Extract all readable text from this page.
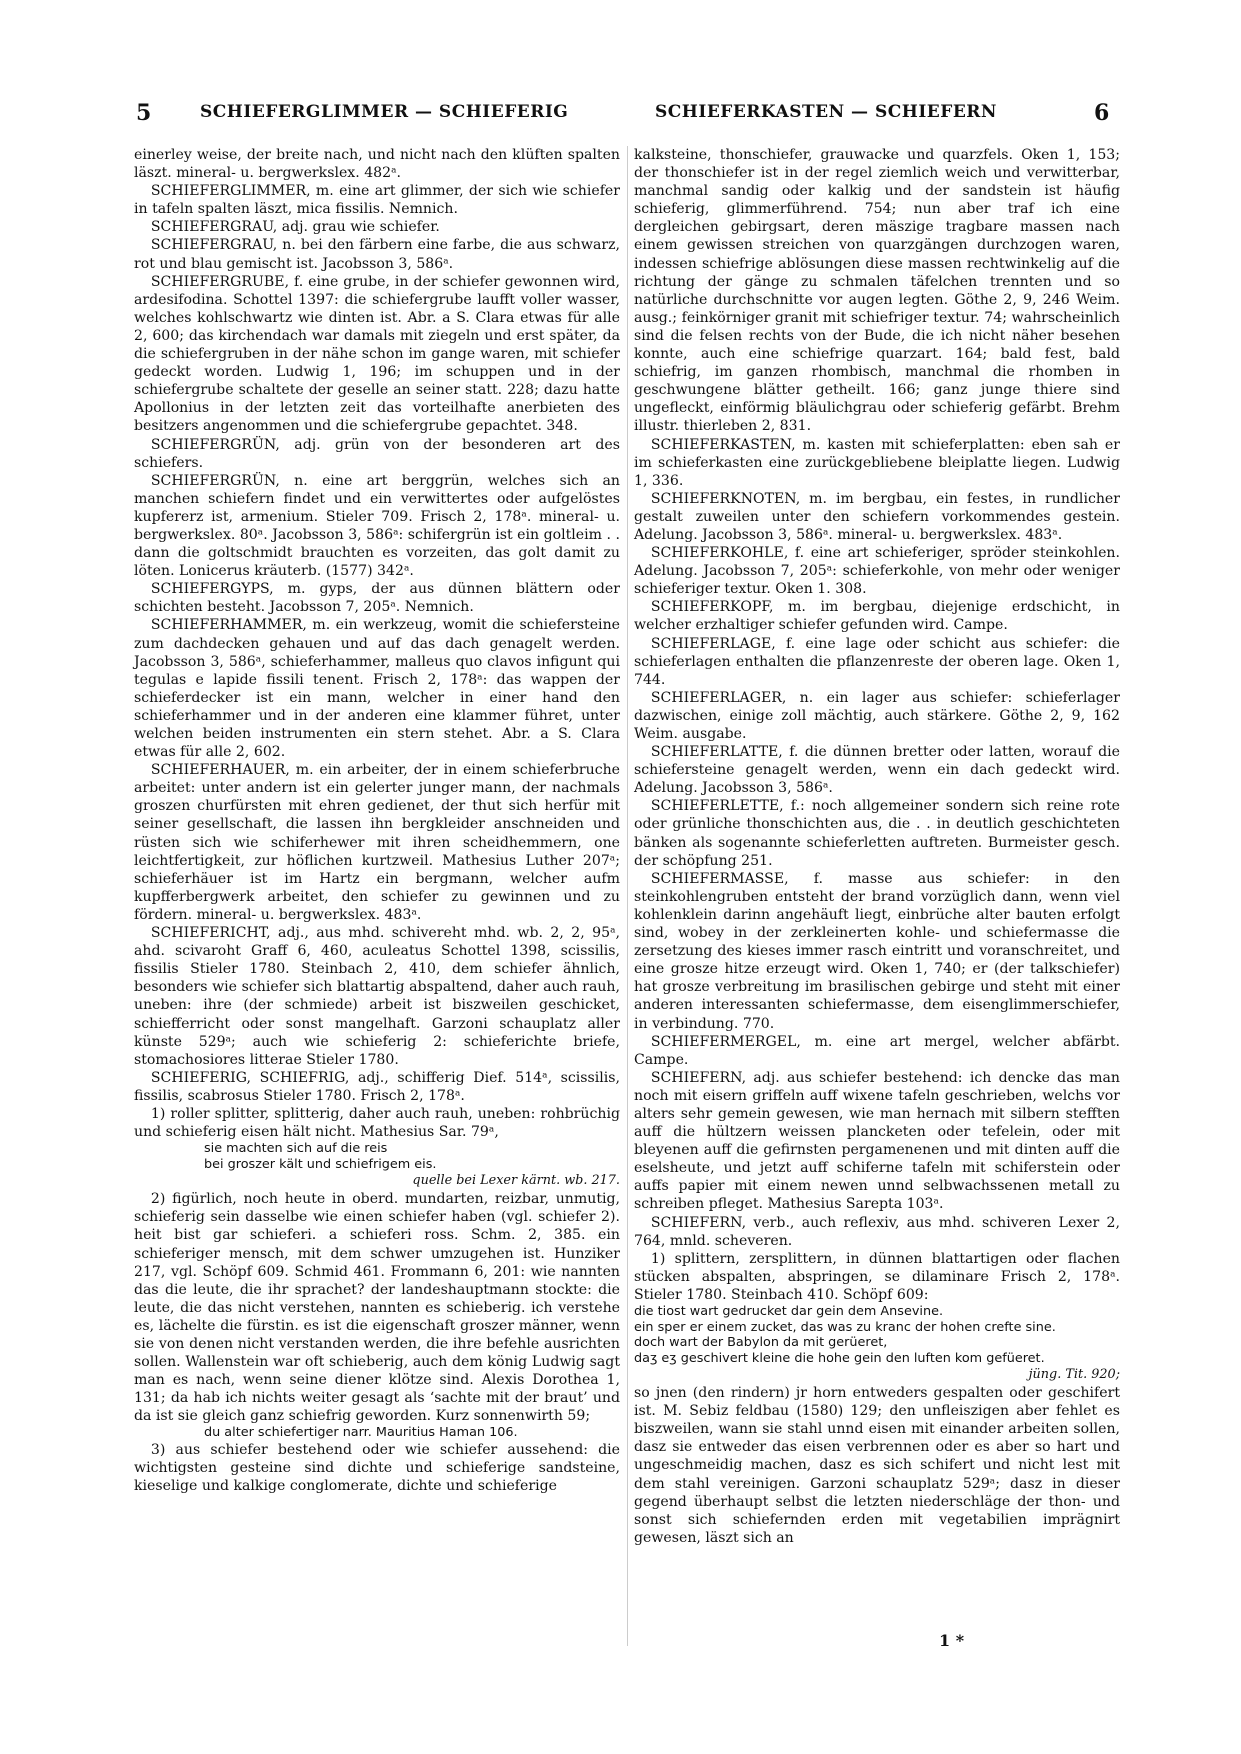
5	SCHIEFERGLIMMER — SCHIEFERIG	SCHIEFERKASTEN — SCHIEFERN	6

einerley weise, der breite nach, und nicht nach den klüften spalten läszt. mineral- u. bergwerkslex. 482ᵃ.

SCHIEFERGLIMMER, m. eine art glimmer, der sich wie schiefer in tafeln spalten läszt, mica fissilis. Nemnich.

SCHIEFERGRAU, adj. grau wie schiefer.

SCHIEFERGRAU, n. bei den färbern eine farbe, die aus schwarz, rot und blau gemischt ist. Jacobsson 3, 586ᵃ.

SCHIEFERGRUBE, f. eine grube, in der schiefer gewonnen wird, ardesifodina. Schottel 1397: die schiefergrube laufft voller wasser, welches kohlschwartz wie dinten ist. Abr. a S. Clara etwas für alle 2, 600; das kirchendach war damals mit ziegeln und erst später, da die schiefergruben in der nähe schon im gange waren, mit schiefer gedeckt worden. Ludwig 1, 196; im schuppen und in der schiefergrube schaltete der geselle an seiner statt. 228; dazu hatte Apollonius in der letzten zeit das vorteilhafte anerbieten des besitzers angenommen und die schiefergrube gepachtet. 348.

SCHIEFERGRÜN, adj. grün von der besonderen art des schiefers.

SCHIEFERGRÜN, n. eine art berggrün, welches sich an manchen schiefern findet und ein verwittertes oder aufgelöstes kupfererz ist, armenium. Stieler 709. Frisch 2, 178ᵃ. mineral- u. bergwerkslex. 80ᵃ. Jacobsson 3, 586ᵃ: schifergrün ist ein goltleim . . dann die goltschmidt brauchten es vorzeiten, das golt damit zu löten. Lonicerus kräuterb. (1577) 342ᵃ.

SCHIEFERGYPS, m. gyps, der aus dünnen blättern oder schichten besteht. Jacobsson 7, 205ᵃ. Nemnich.

SCHIEFERHAMMER, m. ein werkzeug, womit die schiefersteine zum dachdecken gehauen und auf das dach genagelt werden. Jacobsson 3, 586ᵃ, schieferhammer, malleus quo clavos infigunt qui tegulas e lapide fissili tenent. Frisch 2, 178ᵃ: das wappen der schieferdecker ist ein mann, welcher in einer hand den schieferhammer und in der anderen eine klammer führet, unter welchen beiden instrumenten ein stern stehet. Abr. a S. Clara etwas für alle 2, 602.

SCHIEFERHAUER, m. ein arbeiter, der in einem schieferbruche arbeitet: unter andern ist ein gelerter junger mann, der nachmals groszen churfürsten mit ehren gedienet, der thut sich herfür mit seiner gesellschaft, die lassen ihn bergkleider anschneiden und rüsten sich wie schiferhewer mit ihren scheidhemmern, one leichtfertigkeit, zur höflichen kurtzweil. Mathesius Luther 207ᵃ; schieferhäuer ist im Hartz ein bergmann, welcher aufm kupfferbergwerk arbeitet, den schiefer zu gewinnen und zu fördern. mineral- u. bergwerkslex. 483ᵃ.

SCHIEFERICHT, adj., aus mhd. schivereht mhd. wb. 2, 2, 95ᵃ, ahd. scivaroht Graff 6, 460, aculeatus Schottel 1398, scissilis, fissilis Stieler 1780. Steinbach 2, 410, dem schiefer ähnlich, besonders wie schiefer sich blattartig abspaltend, daher auch rauh, uneben: ihre (der schmiede) arbeit ist biszweilen geschicket, schiefferricht oder sonst mangelhaft. Garzoni schauplatz aller künste 529ᵃ; auch wie schieferig 2: schieferichte briefe, stomachosiores litterae Stieler 1780.

SCHIEFERIG, SCHIEFRIG, adj., schifferig Dief. 514ᵃ, scissilis, fissilis, scabrosus Stieler 1780. Frisch 2, 178ᵃ.

1) roller splitter, splitterig, daher auch rauh, uneben: rohbrüchig und schieferig eisen hält nicht. Mathesius Sar. 79ᵃ,

sie machten sich auf die reis
bei groszer kält und schiefrigem eis.

quelle bei Lexer kärnt. wb. 217.

2) figürlich, noch heute in oberd. mundarten, reizbar, unmutig, schieferig sein dasselbe wie einen schiefer haben (vgl. schiefer 2). heit bist gar schieferi. a schieferi ross. Schm. 2, 385. ein schieferiger mensch, mit dem schwer umzugehen ist. Hunziker 217, vgl. Schöpf 609. Schmid 461. Frommann 6, 201: wie nannten das die leute, die ihr sprachet? der landeshauptmann stockte: die leute, die das nicht verstehen, nannten es schieberig. ich verstehe es, lächelte die fürstin. es ist die eigenschaft groszer männer, wenn sie von denen nicht verstanden werden, die ihre befehle ausrichten sollen. Wallenstein war oft schieberig, auch dem könig Ludwig sagt man es nach, wenn seine diener klötze sind. Alexis Dorothea 1, 131; da hab ich nichts weiter gesagt als ‘sachte mit der braut’ und da ist sie gleich ganz schiefrig geworden. Kurz sonnenwirth 59;

du alter schiefertiger narr. Mauritius Haman 106.

3) aus schiefer bestehend oder wie schiefer aussehend: die wichtigsten gesteine sind dichte und schieferige sandsteine, kieselige und kalkige conglomerate, dichte und schieferige

kalksteine, thonschiefer, grauwacke und quarzfels. Oken 1, 153; der thonschiefer ist in der regel ziemlich weich und verwitterbar, manchmal sandig oder kalkig und der sandstein ist häufig schieferig, glimmerführend. 754; nun aber traf ich eine dergleichen gebirgsart, deren mäszige tragbare massen nach einem gewissen streichen von quarzgängen durchzogen waren, indessen schiefrige ablösungen diese massen rechtwinkelig auf die richtung der gänge zu schmalen täfelchen trennten und so natürliche durchschnitte vor augen legten. Göthe 2, 9, 246 Weim. ausg.; feinkörniger granit mit schiefriger textur. 74; wahrscheinlich sind die felsen rechts von der Bude, die ich nicht näher besehen konnte, auch eine schiefrige quarzart. 164; bald fest, bald schiefrig, im ganzen rhombisch, manchmal die rhomben in geschwungene blätter getheilt. 166; ganz junge thiere sind ungefleckt, einförmig bläulichgrau oder schieferig gefärbt. Brehm illustr. thierleben 2, 831.

SCHIEFERKASTEN, m. kasten mit schieferplatten: eben sah er im schieferkasten eine zurückgebliebene bleiplatte liegen. Ludwig 1, 336.

SCHIEFERKNOTEN, m. im bergbau, ein festes, in rundlicher gestalt zuweilen unter den schiefern vorkommendes gestein. Adelung. Jacobsson 3, 586ᵃ. mineral- u. bergwerkslex. 483ᵃ.

SCHIEFERKOHLE, f. eine art schieferiger, spröder steinkohlen. Adelung. Jacobsson 7, 205ᵃ: schieferkohle, von mehr oder weniger schieferiger textur. Oken 1. 308.

SCHIEFERKOPF, m. im bergbau, diejenige erdschicht, in welcher erzhaltiger schiefer gefunden wird. Campe.

SCHIEFERLAGE, f. eine lage oder schicht aus schiefer: die schieferlagen enthalten die pflanzenreste der oberen lage. Oken 1, 744.

SCHIEFERLAGER, n. ein lager aus schiefer: schieferlager dazwischen, einige zoll mächtig, auch stärkere. Göthe 2, 9, 162 Weim. ausgabe.

SCHIEFERLATTE, f. die dünnen bretter oder latten, worauf die schiefersteine genagelt werden, wenn ein dach gedeckt wird. Adelung. Jacobsson 3, 586ᵃ.

SCHIEFERLETTE, f.: noch allgemeiner sondern sich reine rote oder grünliche thonschichten aus, die . . in deutlich geschichteten bänken als sogenannte schieferletten auftreten. Burmeister gesch. der schöpfung 251.

SCHIEFERMASSE, f. masse aus schiefer: in den steinkohlengruben entsteht der brand vorzüglich dann, wenn viel kohlenklein darinn angehäuft liegt, einbrüche alter bauten erfolgt sind, wobey in der zerkleinerten kohle- und schiefermasse die zersetzung des kieses immer rasch eintritt und voranschreitet, und eine grosze hitze erzeugt wird. Oken 1, 740; er (der talkschiefer) hat grosze verbreitung im brasilischen gebirge und steht mit einer anderen interessanten schiefermasse, dem eisenglimmerschiefer, in verbindung. 770.

SCHIEFERMERGEL, m. eine art mergel, welcher abfärbt. Campe.

SCHIEFERN, adj. aus schiefer bestehend: ich dencke das man noch mit eisern griffeln auff wixene tafeln geschrieben, welchs vor alters sehr gemein gewesen, wie man hernach mit silbern stefften auff die hültzern weissen plancketen oder tefelein, oder mit bleyenen auff die gefirnsten pergamenenen und mit dinten auff die eselsheute, und jetzt auff schiferne tafeln mit schiferstein oder auffs papier mit einem newen unnd selbwachssenen metall zu schreiben pfleget. Mathesius Sarepta 103ᵃ.

SCHIEFERN, verb., auch reflexiv, aus mhd. schiveren Lexer 2, 764, mnld. scheveren.

1) splittern, zersplittern, in dünnen blattartigen oder flachen stücken abspalten, abspringen, se dilaminare Frisch 2, 178ᵃ. Stieler 1780. Steinbach 410. Schöpf 609:

die tiost wart gedrucket dar gein dem Ansevine.
ein sper er einem zucket, das was zu kranc der hohen crefte sine.
doch wart der Babylon da mit gerüeret,
daʒ eʒ geschivert kleine die hohe gein den luften kom gefüeret.

jüng. Tit. 920;

so jnen (den rindern) jr horn entweders gespalten oder geschifert ist. M. Sebiz feldbau (1580) 129; den unfleiszigen aber fehlet es biszweilen, wann sie stahl unnd eisen mit einander arbeiten sollen, dasz sie entweder das eisen verbrennen oder es aber so hart und ungeschmeidig machen, dasz es sich schifert und nicht lest mit dem stahl vereinigen. Garzoni schauplatz 529ᵃ; dasz in dieser gegend überhaupt selbst die letzten niederschläge der thon- und sonst sich schiefernden erden mit vegetabilien imprägnirt gewesen, läszt sich an

1 *
